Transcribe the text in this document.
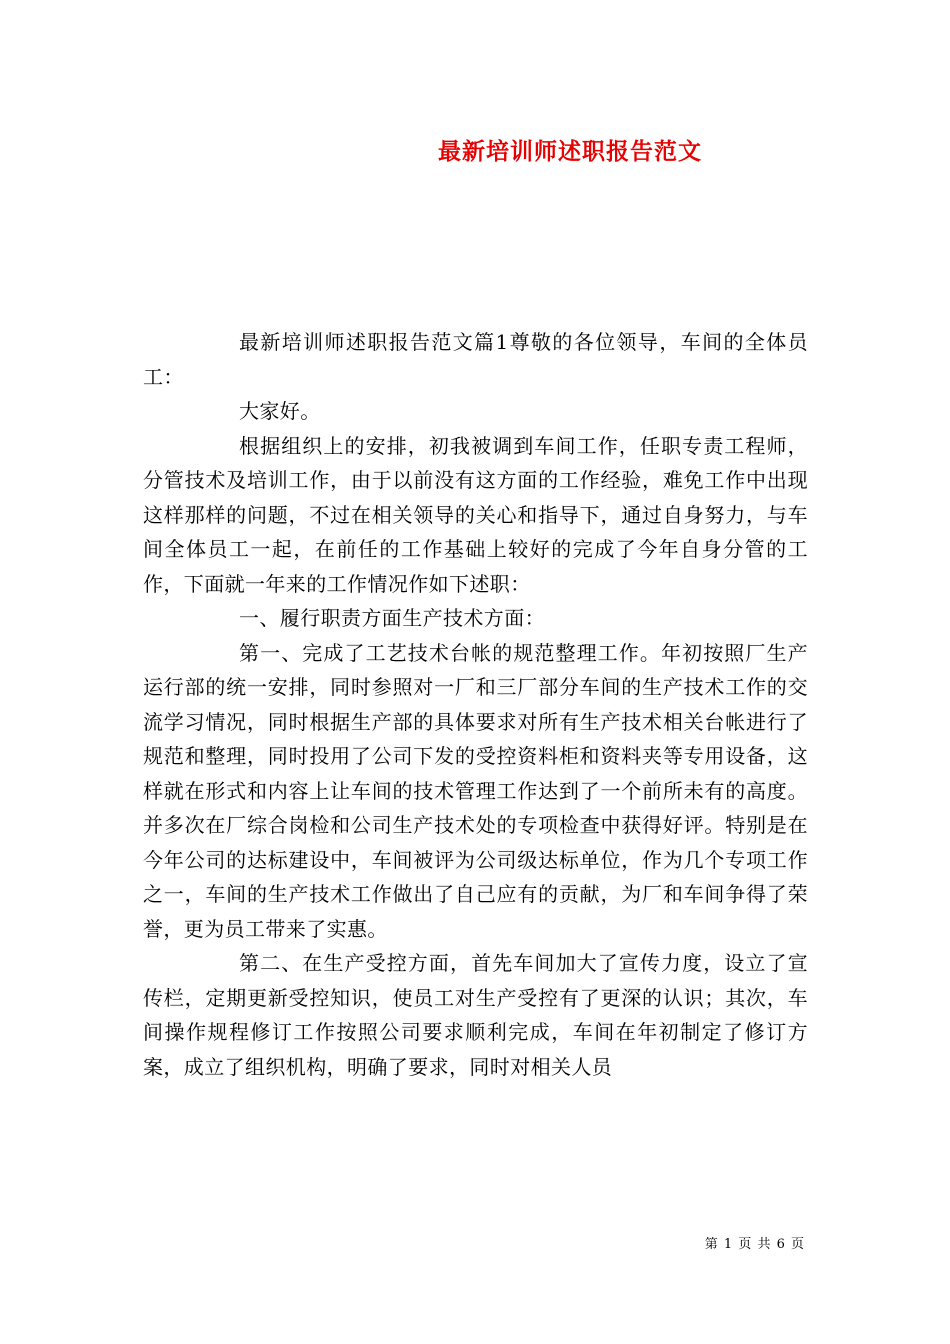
最新培训师述职报告范文

最新培训师述职报告范文篇1尊敬的各位领导，车间的全体员工：

大家好。

根据组织上的安排，初我被调到车间工作，任职专责工程师，分管技术及培训工作，由于以前没有这方面的工作经验，难免工作中出现这样那样的问题，不过在相关领导的关心和指导下，通过自身努力，与车间全体员工一起，在前任的工作基础上较好的完成了今年自身分管的工作，下面就一年来的工作情况作如下述职：

一、履行职责方面生产技术方面：

第一、完成了工艺技术台帐的规范整理工作。年初按照厂生产运行部的统一安排，同时参照对一厂和三厂部分车间的生产技术工作的交流学习情况，同时根据生产部的具体要求对所有生产技术相关台帐进行了规范和整理，同时投用了公司下发的受控资料柜和资料夹等专用设备，这样就在形式和内容上让车间的技术管理工作达到了一个前所未有的高度。并多次在厂综合岗检和公司生产技术处的专项检查中获得好评。特别是在今年公司的达标建设中，车间被评为公司级达标单位，作为几个专项工作之一，车间的生产技术工作做出了自己应有的贡献，为厂和车间争得了荣誉，更为员工带来了实惠。

第二、在生产受控方面，首先车间加大了宣传力度，设立了宣传栏，定期更新受控知识，使员工对生产受控有了更深的认识；其次，车间操作规程修订工作按照公司要求顺利完成，车间在年初制定了修订方案，成立了组织机构，明确了要求，同时对相关人员

第 1 页 共 6 页
